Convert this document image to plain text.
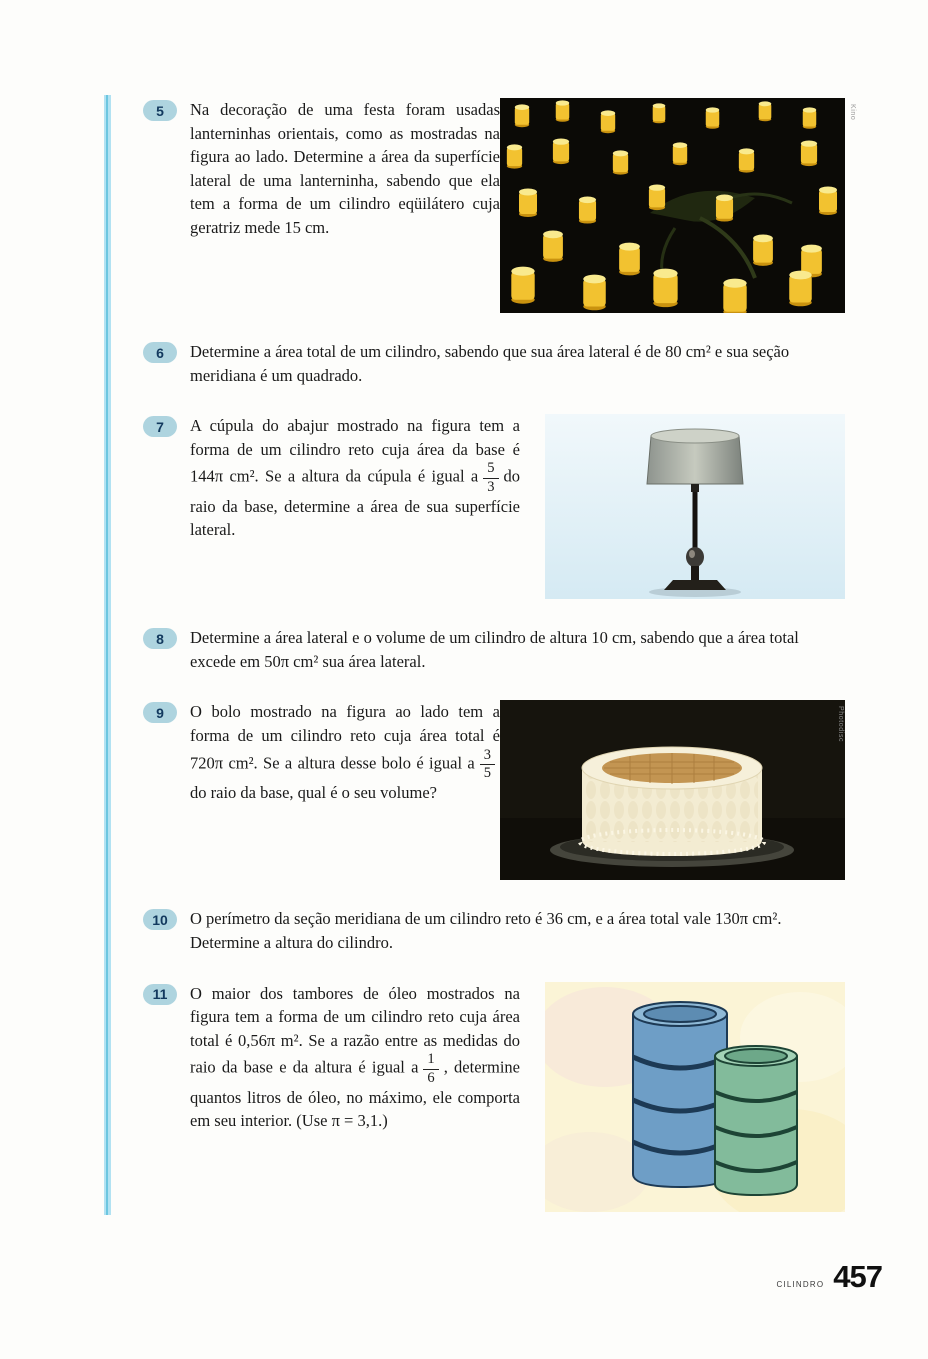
5	Na decoração de uma festa foram usadas lanterninhas orientais, como as mostradas na figura ao lado. Determine a área da superfície lateral de uma lanterninha, sabendo que ela tem a forma de um cilindro eqüilátero cuja geratriz mede 15 cm.
Kino
6	Determine a área total de um cilindro, sabendo que sua área lateral é de 80 cm² e sua seção meridiana é um quadrado.
7	A cúpula do abajur mostrado na figura tem a forma de um cilindro reto cuja área da base é 144π cm². Se a altura da cúpula é igual a $\frac{5}{3}$ do raio da base, determine a área de sua superfície lateral.
8	Determine a área lateral e o volume de um cilindro de altura 10 cm, sabendo que a área total excede em 50π cm² sua área lateral.
9	O bolo mostrado na figura ao lado tem a forma de um cilindro reto cuja área total é 720π cm². Se a altura desse bolo é igual a $\frac{3}{5}$
do raio da base, qual é o seu volume?
Photodisc
10	O perímetro da seção meridiana de um cilindro reto é 36 cm, e a área total vale 130π cm². Determine a altura do cilindro.
11	O maior dos tambores de óleo mostrados na figura tem a forma de um cilindro reto cuja área total é 0,56π m². Se a razão entre as medidas do raio da base e da altura é igual a $\frac{1}{6}$ , determine quantos litros de óleo, no máximo, ele comporta em seu interior. (Use π = 3,1.)
CILINDRO 457
